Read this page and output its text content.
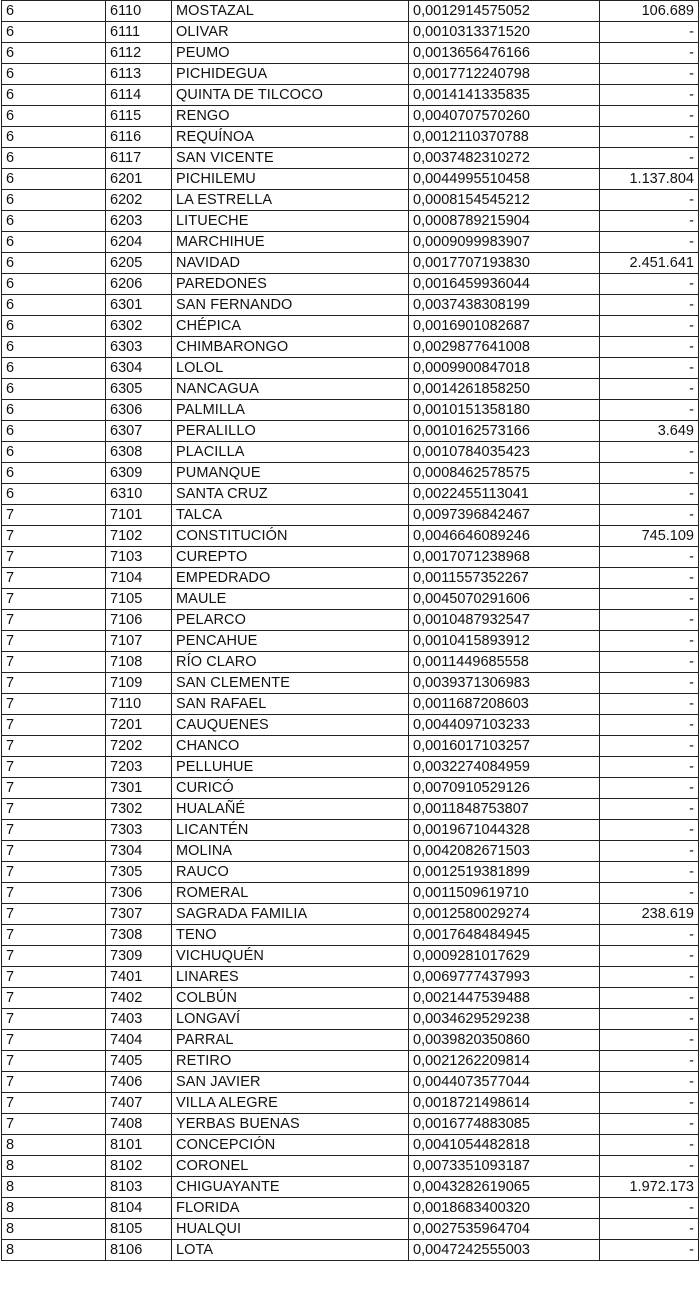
6	6110	MOSTAZAL	0,0012914575052	106.689
6	6111	OLIVAR	0,0010313371520	-
6	6112	PEUMO	0,0013656476166	-
6	6113	PICHIDEGUA	0,0017712240798	-
6	6114	QUINTA DE TILCOCO	0,0014141335835	-
6	6115	RENGO	0,0040707570260	-
6	6116	REQUÍNOA	0,0012110370788	-
6	6117	SAN VICENTE	0,0037482310272	-
6	6201	PICHILEMU	0,0044995510458	1.137.804
6	6202	LA ESTRELLA	0,0008154545212	-
6	6203	LITUECHE	0,0008789215904	-
6	6204	MARCHIHUE	0,0009099983907	-
6	6205	NAVIDAD	0,0017707193830	2.451.641
6	6206	PAREDONES	0,0016459936044	-
6	6301	SAN FERNANDO	0,0037438308199	-
6	6302	CHÉPICA	0,0016901082687	-
6	6303	CHIMBARONGO	0,0029877641008	-
6	6304	LOLOL	0,0009900847018	-
6	6305	NANCAGUA	0,0014261858250	-
6	6306	PALMILLA	0,0010151358180	-
6	6307	PERALILLO	0,0010162573166	3.649
6	6308	PLACILLA	0,0010784035423	-
6	6309	PUMANQUE	0,0008462578575	-
6	6310	SANTA CRUZ	0,0022455113041	-
7	7101	TALCA	0,0097396842467	-
7	7102	CONSTITUCIÓN	0,0046646089246	745.109
7	7103	CUREPTO	0,0017071238968	-
7	7104	EMPEDRADO	0,0011557352267	-
7	7105	MAULE	0,0045070291606	-
7	7106	PELARCO	0,0010487932547	-
7	7107	PENCAHUE	0,0010415893912	-
7	7108	RÍO CLARO	0,0011449685558	-
7	7109	SAN CLEMENTE	0,0039371306983	-
7	7110	SAN RAFAEL	0,0011687208603	-
7	7201	CAUQUENES	0,0044097103233	-
7	7202	CHANCO	0,0016017103257	-
7	7203	PELLUHUE	0,0032274084959	-
7	7301	CURICÓ	0,0070910529126	-
7	7302	HUALAÑÉ	0,0011848753807	-
7	7303	LICANTÉN	0,0019671044328	-
7	7304	MOLINA	0,0042082671503	-
7	7305	RAUCO	0,0012519381899	-
7	7306	ROMERAL	0,0011509619710	-
7	7307	SAGRADA FAMILIA	0,0012580029274	238.619
7	7308	TENO	0,0017648484945	-
7	7309	VICHUQUÉN	0,0009281017629	-
7	7401	LINARES	0,0069777437993	-
7	7402	COLBÚN	0,0021447539488	-
7	7403	LONGAVÍ	0,0034629529238	-
7	7404	PARRAL	0,0039820350860	-
7	7405	RETIRO	0,0021262209814	-
7	7406	SAN JAVIER	0,0044073577044	-
7	7407	VILLA ALEGRE	0,0018721498614	-
7	7408	YERBAS BUENAS	0,0016774883085	-
8	8101	CONCEPCIÓN	0,0041054482818	-
8	8102	CORONEL	0,0073351093187	-
8	8103	CHIGUAYANTE	0,0043282619065	1.972.173
8	8104	FLORIDA	0,0018683400320	-
8	8105	HUALQUI	0,0027535964704	-
8	8106	LOTA	0,0047242555003	-
